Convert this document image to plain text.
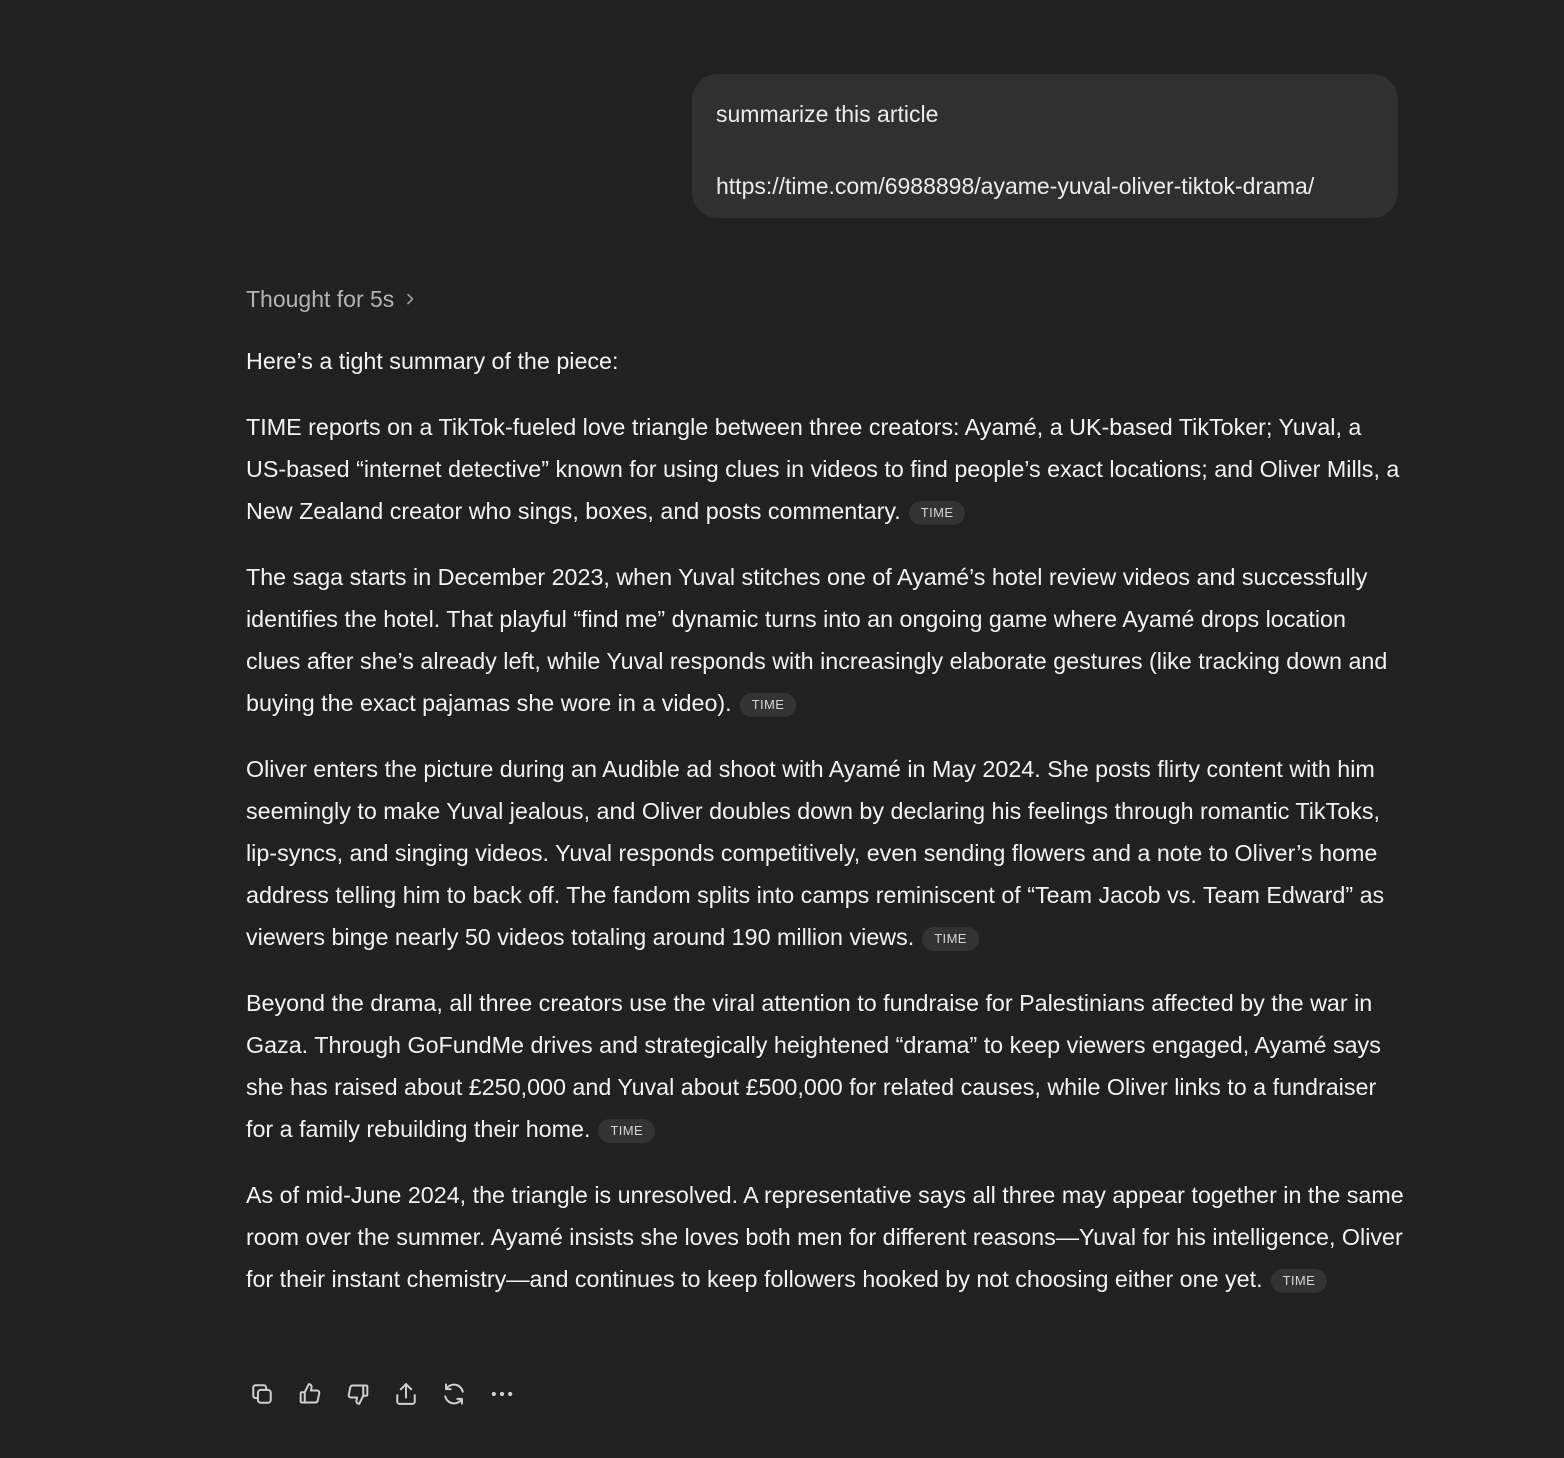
summarize this article
https://time.com/6988898/ayame-yuval-oliver-tiktok-drama/
Thought for 5s

Here’s a tight summary of the piece:

TIME reports on a TikTok-fueled love triangle between three creators: Ayamé, a UK-based TikToker; Yuval, a US-based “internet detective” known for using clues in videos to find people’s exact locations; and Oliver Mills, a New Zealand creator who sings, boxes, and posts commentary. TIME

The saga starts in December 2023, when Yuval stitches one of Ayamé’s hotel review videos and successfully identifies the hotel. That playful “find me” dynamic turns into an ongoing game where Ayamé drops location clues after she’s already left, while Yuval responds with increasingly elaborate gestures (like tracking down and buying the exact pajamas she wore in a video). TIME

Oliver enters the picture during an Audible ad shoot with Ayamé in May 2024. She posts flirty content with him seemingly to make Yuval jealous, and Oliver doubles down by declaring his feelings through romantic TikToks, lip-syncs, and singing videos. Yuval responds competitively, even sending flowers and a note to Oliver’s home address telling him to back off. The fandom splits into camps reminiscent of “Team Jacob vs. Team Edward” as viewers binge nearly 50 videos totaling around 190 million views. TIME

Beyond the drama, all three creators use the viral attention to fundraise for Palestinians affected by the war in Gaza. Through GoFundMe drives and strategically heightened “drama” to keep viewers engaged, Ayamé says she has raised about £250,000 and Yuval about £500,000 for related causes, while Oliver links to a fundraiser for a family rebuilding their home. TIME

As of mid-June 2024, the triangle is unresolved. A representative says all three may appear together in the same room over the summer. Ayamé insists she loves both men for different reasons—Yuval for his intelligence, Oliver for their instant chemistry—and continues to keep followers hooked by not choosing either one yet. TIME
